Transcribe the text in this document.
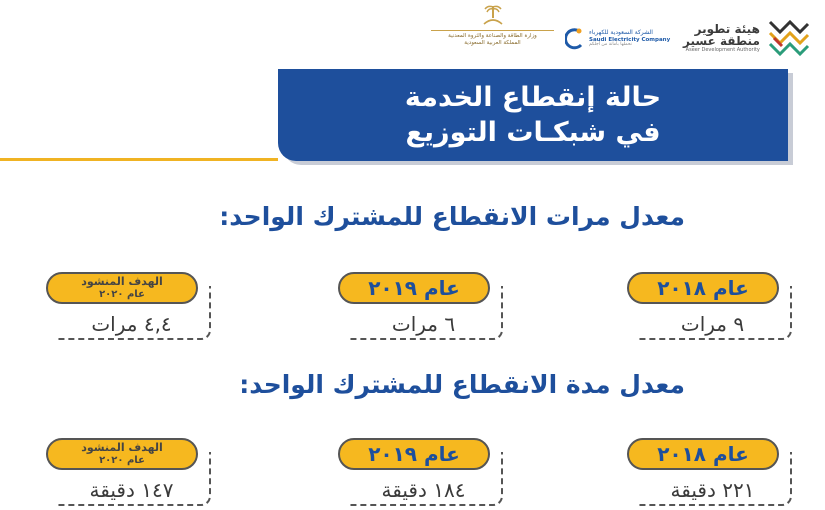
هيئة تطوير
منطقة عسير
Aseer Development Authority
الشركة السعودية للكهرباء
Saudi Electricity Company
نحملها بأمانة من أجلكم
وزارة الطاقة والصناعة والثروة المعدنية
المملكة العربية السعودية
حالة إنقطاع الخدمة
في شبكـات التوزيع
معدل مرات الانقطاع للمشترك الواحد:
عام ٢٠١٨
٩ مرات
عام ٢٠١٩
٦ مرات
الهدف المنشود
عام ٢٠٢٠
٤,٤ مرات
معدل مدة الانقطاع للمشترك الواحد:
عام ٢٠١٨
٢٢١ دقيقة
عام ٢٠١٩
١٨٤ دقيقة
الهدف المنشود
عام ٢٠٢٠
١٤٧ دقيقة
